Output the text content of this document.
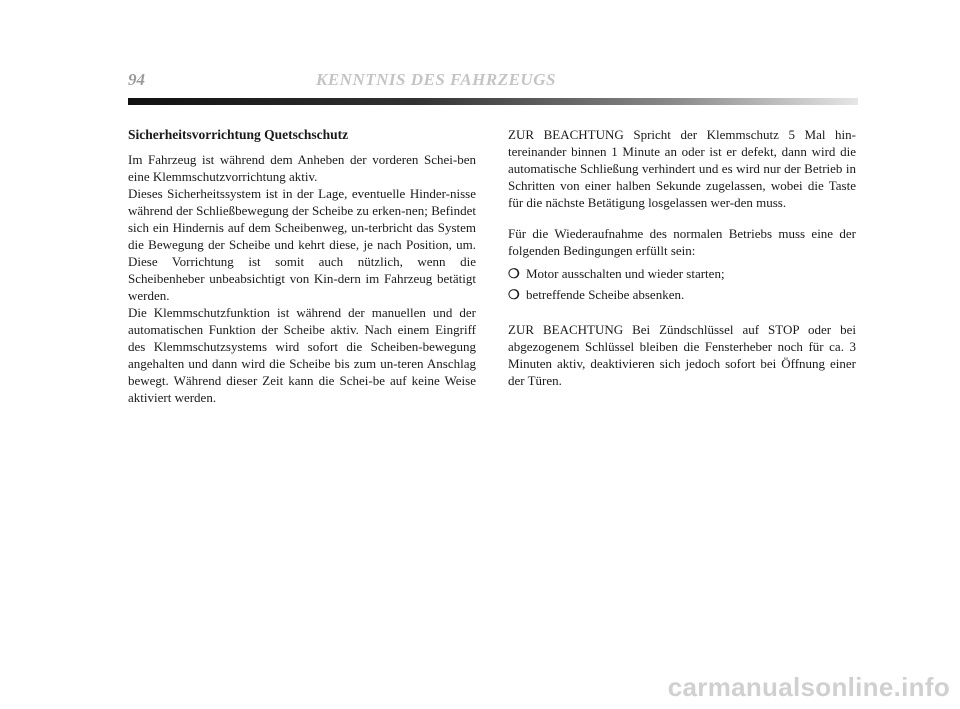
94	KENNTNIS DES FAHRZEUGS
Sicherheitsvorrichtung Quetschschutz

Im Fahrzeug ist während dem Anheben der vorderen Schei-ben eine Klemmschutzvorrichtung aktiv.

Dieses Sicherheitssystem ist in der Lage, eventuelle Hinder-nisse während der Schließbewegung der Scheibe zu erken-nen; Befindet sich ein Hindernis auf dem Scheibenweg, un-terbricht das System die Bewegung der Scheibe und kehrt diese, je nach Position, um. Diese Vorrichtung ist somit auch nützlich, wenn die Scheibenheber unbeabsichtigt von Kin-dern im Fahrzeug betätigt werden.

Die Klemmschutzfunktion ist während der manuellen und der automatischen Funktion der Scheibe aktiv. Nach einem Eingriff des Klemmschutzsystems wird sofort die Scheiben-bewegung angehalten und dann wird die Scheibe bis zum un-teren Anschlag bewegt. Während dieser Zeit kann die Schei-be auf keine Weise aktiviert werden.

ZUR BEACHTUNG Spricht der Klemmschutz 5 Mal hin-tereinander binnen 1 Minute an oder ist er defekt, dann wird die automatische Schließung verhindert und es wird nur der Betrieb in Schritten von einer halben Sekunde zugelassen, wobei die Taste für die nächste Betätigung losgelassen wer-den muss.

Für die Wiederaufnahme des normalen Betriebs muss eine der folgenden Bedingungen erfüllt sein:

❍ Motor ausschalten und wieder starten;
❍ betreffende Scheibe absenken.

ZUR BEACHTUNG Bei Zündschlüssel auf STOP oder bei abgezogenem Schlüssel bleiben die Fensterheber noch für ca. 3 Minuten aktiv, deaktivieren sich jedoch sofort bei Öffnung einer der Türen.

carmanualsonline.info
